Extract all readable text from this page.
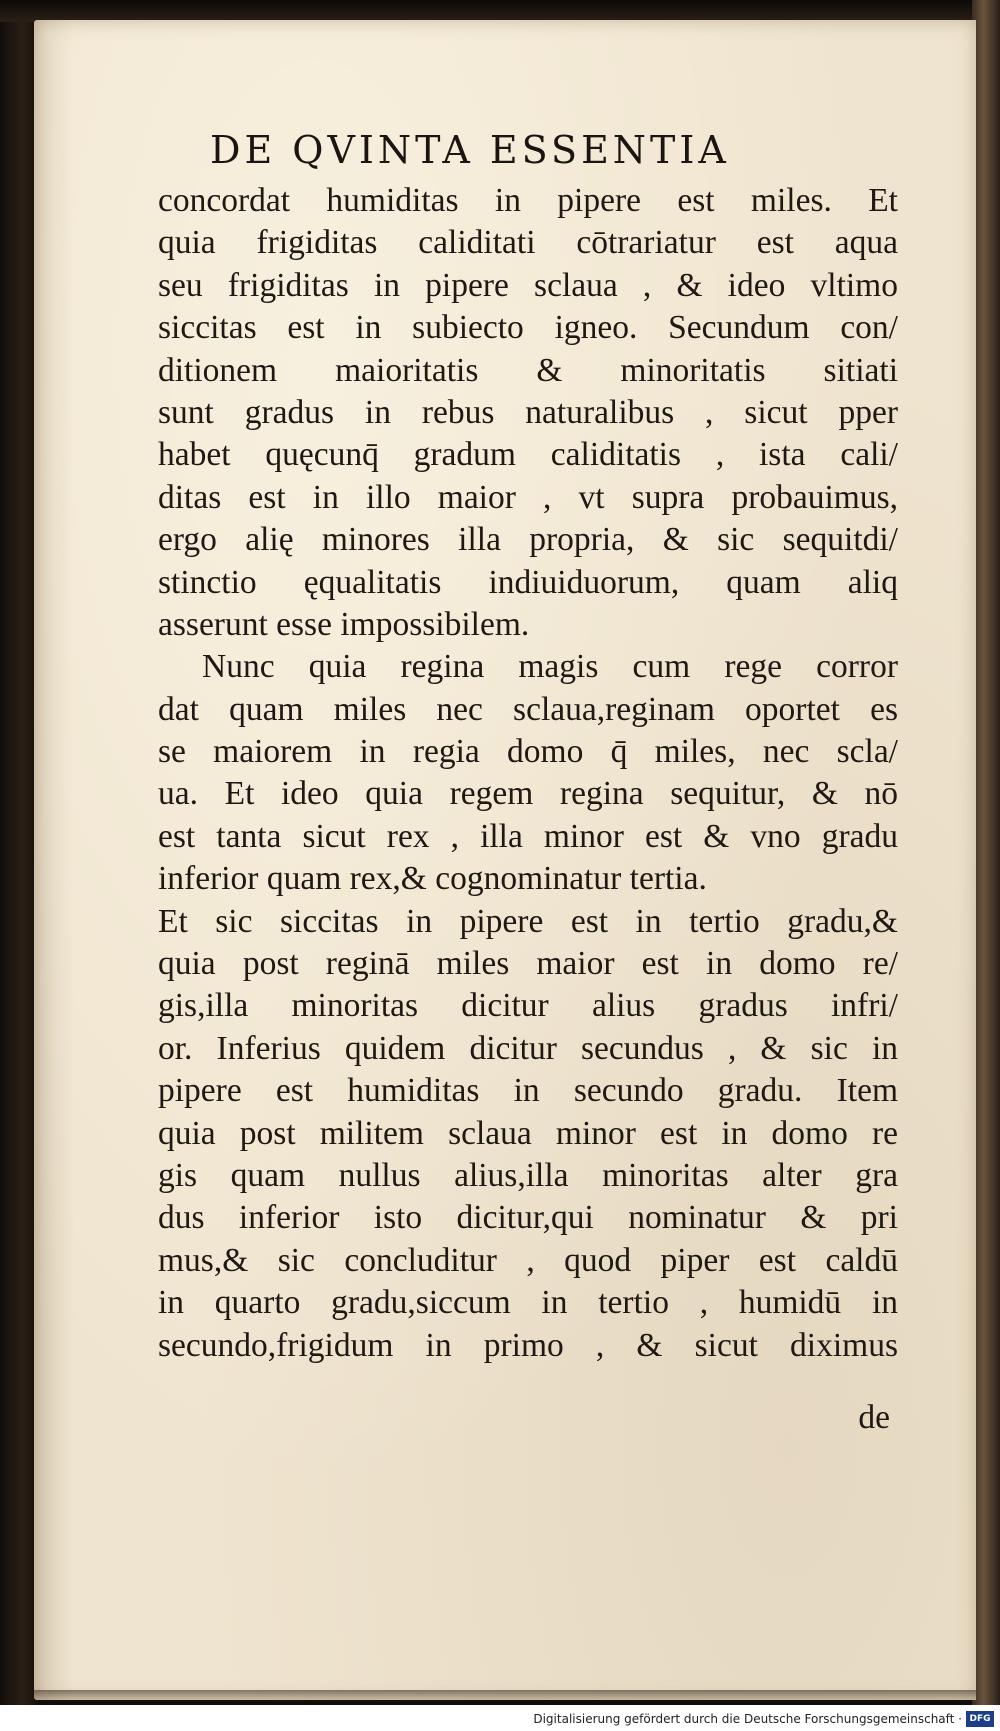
DE QVINTA ESSENTIA
concordat humiditas in pipere est miles. Et
quia frigiditas caliditati cōtrariatur est aqua
seu frigiditas in pipere sclaua , & ideo vltimo
siccitas est in subiecto igneo. Secundum con/
ditionem maioritatis & minoritatis sitiati
sunt gradus in rebus naturalibus , sicut pper
habet quęcunq̄ gradum caliditatis , ista cali/
ditas est in illo maior , vt supra probauimus,
ergo alię minores illa propria, & sic sequitdi/
stinctio ęqualitatis indiuiduorum, quam aliq
asserunt esse impossibilem.
Nunc quia regina magis cum rege corror
dat quam miles nec sclaua,reginam oportet es
se maiorem in regia domo q̄ miles, nec scla/
ua. Et ideo quia regem regina sequitur, & nō
est tanta sicut rex , illa minor est & vno gradu
inferior quam rex,& cognominatur tertia.
Et sic siccitas in pipere est in tertio gradu,&
quia post reginā miles maior est in domo re/
gis,illa minoritas dicitur alius gradus infri/
or. Inferius quidem dicitur secundus , & sic in
pipere est humiditas in secundo gradu. Item
quia post militem sclaua minor est in domo re
gis quam nullus alius,illa minoritas alter gra
dus inferior isto dicitur,qui nominatur & pri
mus,& sic concluditur , quod piper est caldū
in quarto gradu,siccum in tertio , humidū in
secundo,frigidum in primo , & sicut diximus
de
Digitalisierung gefördert durch die Deutsche Forschungsgemeinschaft · DFG
